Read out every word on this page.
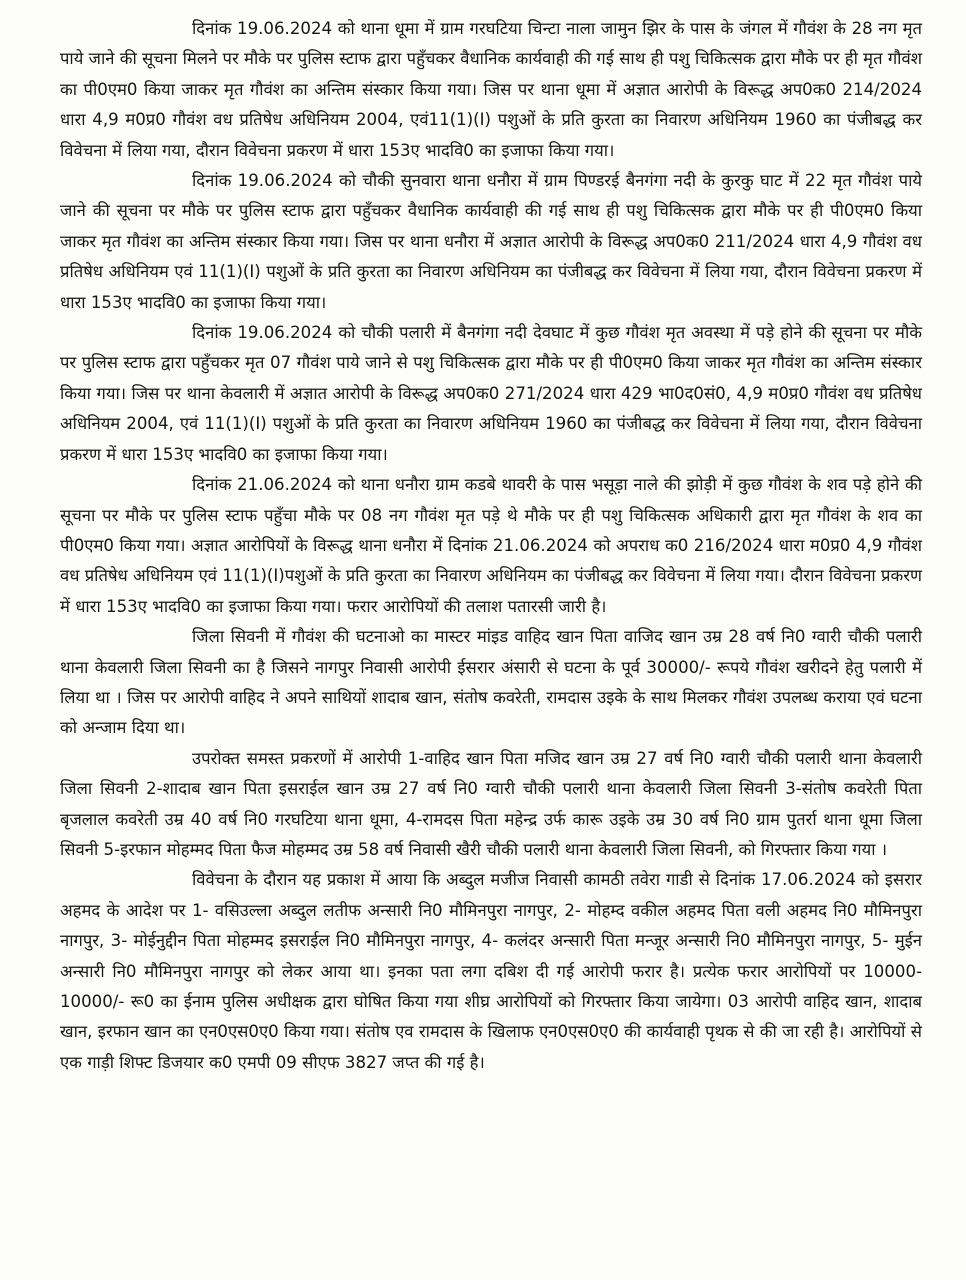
दिनांक 19.06.2024 को थाना धूमा में ग्राम गरघटिया चिन्टा नाला जामुन झिर के पास के जंगल में गौवंश के 28 नग मृत पाये जाने की सूचना मिलने पर मौके पर पुलिस स्टाफ द्वारा पहुँचकर वैधानिक कार्यवाही की गई साथ ही पशु चिकित्सक द्वारा मौके पर ही मृत गौवंश का पी0एम0 किया जाकर मृत गौवंश का अन्तिम संस्कार किया गया। जिस पर थाना धूमा में अज्ञात आरोपी के विरूद्ध अप0क0 214/2024 धारा 4,9 म0प्र0 गौवंश वध प्रतिषेध अधिनियम 2004, एवं11(1)(I) पशुओं के प्रति कुरता का निवारण अधिनियम 1960 का पंजीबद्ध कर विवेचना में लिया गया, दौरान विवेचना प्रकरण में धारा 153ए भादवि0 का इजाफा किया गया।

दिनांक 19.06.2024 को चौकी सुनवारा थाना धनौरा में ग्राम पिण्डरई बैनगंगा नदी के कुरकु घाट में 22 मृत गौवंश पाये जाने की सूचना पर मौके पर पुलिस स्टाफ द्वारा पहुँचकर वैधानिक कार्यवाही की गई साथ ही पशु चिकित्सक द्वारा मौके पर ही पी0एम0 किया जाकर मृत गौवंश का अन्तिम संस्कार किया गया। जिस पर थाना धनौरा में अज्ञात आरोपी के विरूद्ध अप0क0 211/2024 धारा 4,9 गौवंश वध प्रतिषेध अधिनियम एवं 11(1)(I) पशुओं के प्रति कुरता का निवारण अधिनियम का पंजीबद्ध कर विवेचना में लिया गया, दौरान विवेचना प्रकरण में धारा 153ए भादवि0 का इजाफा किया गया।

दिनांक 19.06.2024 को चौकी पलारी में बैनगंगा नदी देवघाट में कुछ गौवंश मृत अवस्था में पड़े होने की सूचना पर मौके पर पुलिस स्टाफ द्वारा पहुँचकर मृत 07 गौवंश पाये जाने से पशु चिकित्सक द्वारा मौके पर ही पी0एम0 किया जाकर मृत गौवंश का अन्तिम संस्कार किया गया। जिस पर थाना केवलारी में अज्ञात आरोपी के विरूद्ध अप0क0 271/2024 धारा 429 भा0द0सं0, 4,9 म0प्र0 गौवंश वध प्रतिषेध अधिनियम 2004, एवं 11(1)(I) पशुओं के प्रति कुरता का निवारण अधिनियम 1960 का पंजीबद्ध कर विवेचना में लिया गया, दौरान विवेचना प्रकरण में धारा 153ए भादवि0 का इजाफा किया गया।

दिनांक 21.06.2024 को थाना धनौरा ग्राम कडबे थावरी के पास भसूड़ा नाले की झोड़ी में कुछ गौवंश के शव पड़े होने की सूचना पर मौके पर पुलिस स्टाफ पहुँचा मौके पर 08 नग गौवंश मृत पड़े थे मौके पर ही पशु चिकित्सक अधिकारी द्वारा मृत गौवंश के शव का पी0एम0 किया गया। अज्ञात आरोपियों के विरूद्ध थाना धनौरा में दिनांक 21.06.2024 को अपराध क0 216/2024 धारा म0प्र0 4,9 गौवंश वध प्रतिषेध अधिनियम एवं 11(1)(I)पशुओं के प्रति कुरता का निवारण अधिनियम का पंजीबद्ध कर विवेचना में लिया गया। दौरान विवेचना प्रकरण में धारा 153ए भादवि0 का इजाफा किया गया। फरार आरोपियों की तलाश पतारसी जारी है।

जिला सिवनी में गौवंश की घटनाओ का मास्टर मांइड वाहिद खान पिता वाजिद खान उम्र 28 वर्ष नि0 ग्वारी चौकी पलारी थाना केवलारी जिला सिवनी का है जिसने नागपुर निवासी आरोपी ईसरार अंसारी से घटना के पूर्व 30000/- रूपये गौवंश खरीदने हेतु पलारी में लिया था । जिस पर आरोपी वाहिद ने अपने साथियों शादाब खान, संतोष कवरेती, रामदास उइके के साथ मिलकर गौवंश उपलब्ध कराया एवं घटना को अन्जाम दिया था।

उपरोक्त समस्त प्रकरणों में आरोपी 1-वाहिद खान पिता मजिद खान उम्र 27 वर्ष नि0 ग्वारी चौकी पलारी थाना केवलारी जिला सिवनी 2-शादाब खान पिता इसराईल खान उम्र 27 वर्ष नि0 ग्वारी चौकी पलारी थाना केवलारी जिला सिवनी 3-संतोष कवरेती पिता बृजलाल कवरेती उम्र 40 वर्ष नि0 गरघटिया थाना धूमा, 4-रामदस पिता महेन्द्र उर्फ कारू उइके उम्र 30 वर्ष नि0 ग्राम पुतर्रा थाना धूमा जिला सिवनी 5-इरफान मोहम्मद पिता फैज मोहम्मद उम्र 58 वर्ष निवासी खैरी चौकी पलारी थाना केवलारी जिला सिवनी, को गिरफ्तार किया गया ।

विवेचना के दौरान यह प्रकाश में आया कि अब्दुल मजीज निवासी कामठी तवेरा गाडी से दिनांक 17.06.2024 को इसरार अहमद के आदेश पर 1- वसिउल्ला अब्दुल लतीफ अन्सारी नि0 मौमिनपुरा नागपुर, 2- मोहम्द वकील अहमद पिता वली अहमद नि0 मौमिनपुरा नागपुर, 3- मोईनुद्दीन पिता मोहम्मद इसराईल नि0 मौमिनपुरा नागपुर, 4- कलंदर अन्सारी पिता मन्जूर अन्सारी नि0 मौमिनपुरा नागपुर, 5- मुईन अन्सारी नि0 मौमिनपुरा नागपुर को लेकर आया था। इनका पता लगा दबिश दी गई आरोपी फरार है। प्रत्येक फरार आरोपियों पर 10000-10000/- रू0 का ईनाम पुलिस अधीक्षक द्वारा घोषित किया गया शीघ्र आरोपियों को गिरफ्तार किया जायेगा। 03 आरोपी वाहिद खान, शादाब खान, इरफान खान का एन0एस0ए0 किया गया। संतोष एव रामदास के खिलाफ एन0एस0ए0 की कार्यवाही पृथक से की जा रही है। आरोपियों से एक गाड़ी शिफ्ट डिजयार क0 एमपी 09 सीएफ 3827 जप्त की गई है।
